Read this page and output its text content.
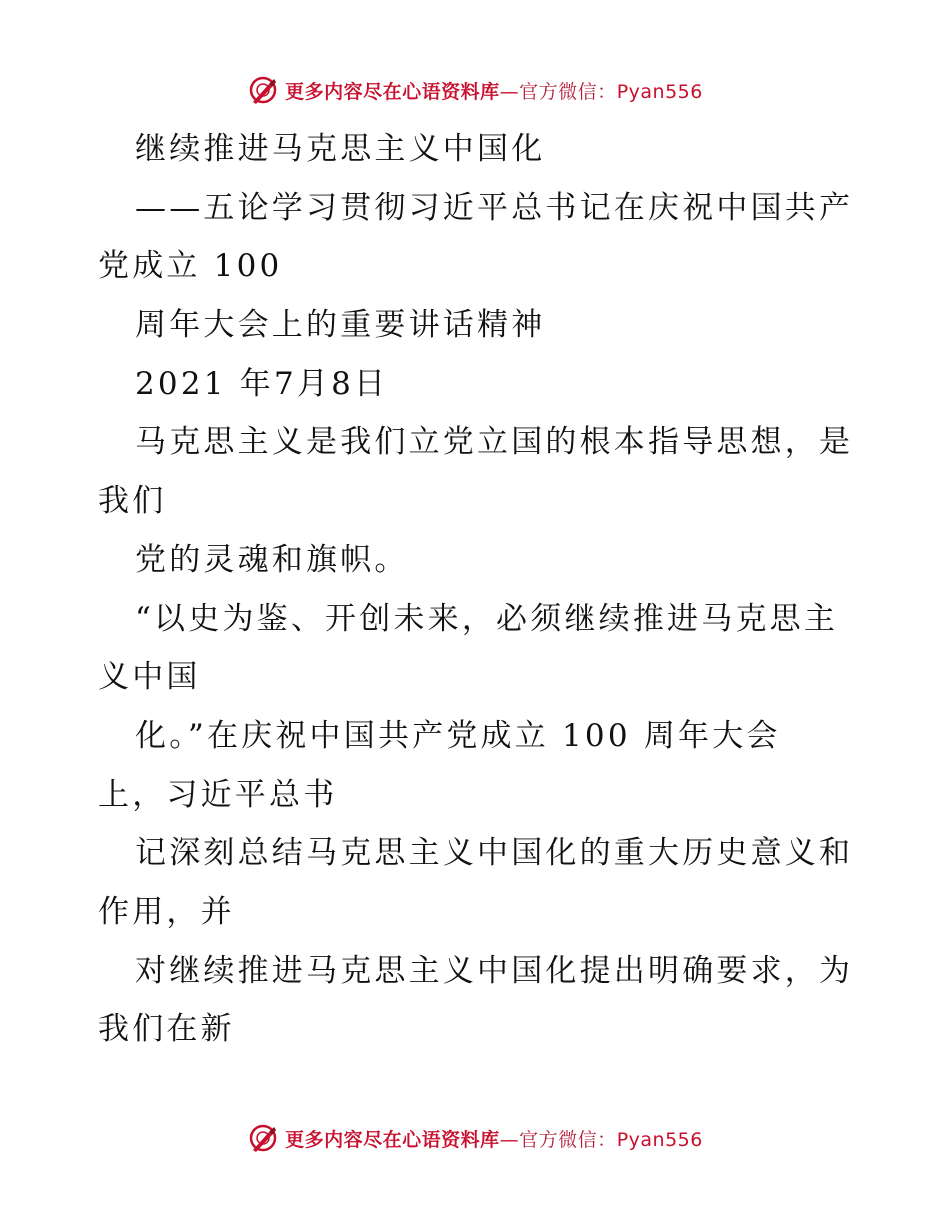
更多内容尽在心语资料库—官方微信：Pyan556
继续推进马克思主义中国化
——五论学习贯彻习近平总书记在庆祝中国共产
党成立 100
周年大会上的重要讲话精神
2021 年7月8日
马克思主义是我们立党立国的根本指导思想，是
我们
党的灵魂和旗帜。
“以史为鉴、开创未来，必须继续推进马克思主
义中国
化。”在庆祝中国共产党成立 100 周年大会
上，习近平总书
记深刻总结马克思主义中国化的重大历史意义和
作用，并
对继续推进马克思主义中国化提出明确要求，为
我们在新
更多内容尽在心语资料库—官方微信：Pyan556
